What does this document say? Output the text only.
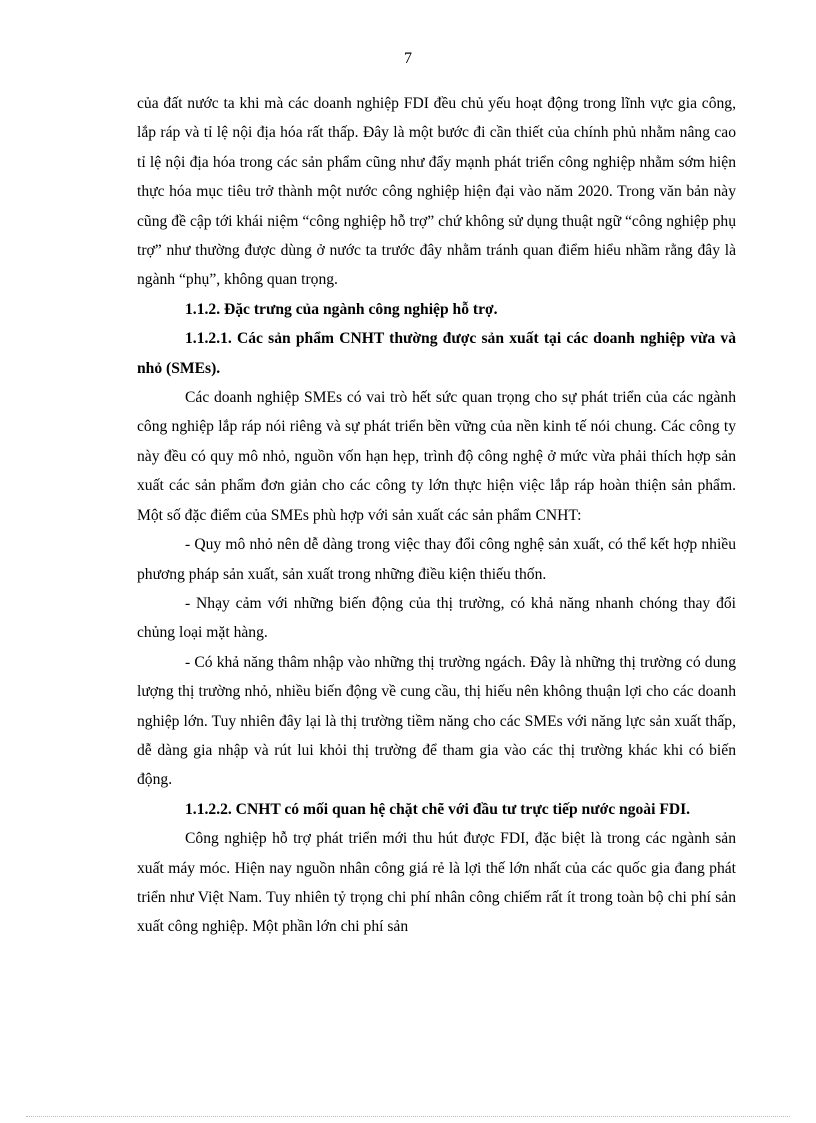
7

của đất nước ta khi mà các doanh nghiệp FDI đều chủ yếu hoạt động trong lĩnh vực gia công, lắp ráp và tỉ lệ nội địa hóa rất thấp. Đây là một bước đi cần thiết của chính phủ nhằm nâng cao tỉ lệ nội địa hóa trong các sản phẩm cũng như đẩy mạnh phát triển công nghiệp nhằm sớm hiện thực hóa mục tiêu trở thành một nước công nghiệp hiện đại vào năm 2020. Trong văn bản này cũng đề cập tới khái niệm “công nghiệp hỗ trợ” chứ không sử dụng thuật ngữ “công nghiệp phụ trợ” như thường được dùng ở nước ta trước đây nhằm tránh quan điểm hiểu nhầm rằng đây là ngành “phụ”, không quan trọng.

1.1.2. Đặc trưng của ngành công nghiệp hỗ trợ.

1.1.2.1. Các sản phẩm CNHT thường được sản xuất tại các doanh nghiệp vừa và nhỏ (SMEs).

Các doanh nghiệp SMEs có vai trò hết sức quan trọng cho sự phát triển của các ngành công nghiệp lắp ráp nói riêng và sự phát triển bền vững của nền kinh tế nói chung. Các công ty này đều có quy mô nhỏ, nguồn vốn hạn hẹp, trình độ công nghệ ở mức vừa phải thích hợp sản xuất các sản phẩm đơn giản cho các công ty lớn thực hiện việc lắp ráp hoàn thiện sản phẩm. Một số đặc điểm của SMEs phù hợp với sản xuất các sản phẩm CNHT:

- Quy mô nhỏ nên dễ dàng trong việc thay đổi công nghệ sản xuất, có thể kết hợp nhiều phương pháp sản xuất, sản xuất trong những điều kiện thiếu thốn.

- Nhạy cảm với những biến động của thị trường, có khả năng nhanh chóng thay đổi chủng loại mặt hàng.

- Có khả năng thâm nhập vào những thị trường ngách. Đây là những thị trường có dung lượng thị trường nhỏ, nhiều biến động về cung cầu, thị hiếu nên không thuận lợi cho các doanh nghiệp lớn. Tuy nhiên đây lại là thị trường tiềm năng cho các SMEs với năng lực sản xuất thấp, dễ dàng gia nhập và rút lui khỏi thị trường để tham gia vào các thị trường khác khi có biến động.

1.1.2.2. CNHT có mối quan hệ chặt chẽ với đầu tư trực tiếp nước ngoài FDI.

Công nghiệp hỗ trợ phát triển mới thu hút được FDI, đặc biệt là trong các ngành sản xuất máy móc. Hiện nay nguồn nhân công giá rẻ là lợi thế lớn nhất của các quốc gia đang phát triển như Việt Nam. Tuy nhiên tỷ trọng chi phí nhân công chiếm rất ít trong toàn bộ chi phí sản xuất công nghiệp. Một phần lớn chi phí sản
